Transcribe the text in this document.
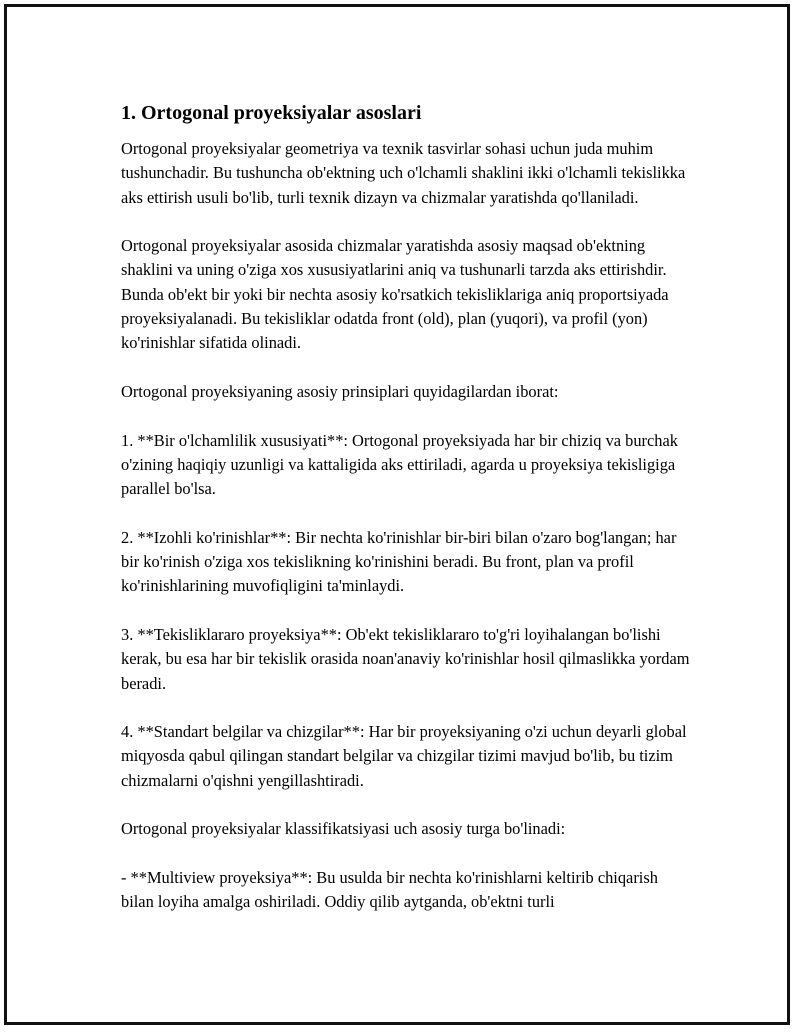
1. Ortogonal proyeksiyalar asoslari

Ortogonal proyeksiyalar geometriya va texnik tasvirlar sohasi uchun juda muhim tushunchadir. Bu tushuncha ob'ektning uch o'lchamli shaklini ikki o'lchamli tekislikka aks ettirish usuli bo'lib, turli texnik dizayn va chizmalar yaratishda qo'llaniladi.

Ortogonal proyeksiyalar asosida chizmalar yaratishda asosiy maqsad ob'ektning shaklini va uning o'ziga xos xususiyatlarini aniq va tushunarli tarzda aks ettirishdir. Bunda ob'ekt bir yoki bir nechta asosiy ko'rsatkich tekisliklariga aniq proportsiyada proyeksiyalanadi. Bu tekisliklar odatda front (old), plan (yuqori), va profil (yon) ko'rinishlar sifatida olinadi.

Ortogonal proyeksiyaning asosiy prinsiplari quyidagilardan iborat:

1. **Bir o'lchamlilik xususiyati**: Ortogonal proyeksiyada har bir chiziq va burchak o'zining haqiqiy uzunligi va kattaligida aks ettiriladi, agarda u proyeksiya tekisligiga parallel bo'lsa.

2. **Izohli ko'rinishlar**: Bir nechta ko'rinishlar bir-biri bilan o'zaro bog'langan; har bir ko'rinish o'ziga xos tekislikning ko'rinishini beradi. Bu front, plan va profil ko'rinishlarining muvofiqligini ta'minlaydi.

3. **Tekisliklararo proyeksiya**: Ob'ekt tekisliklararo to'g'ri loyihalangan bo'lishi kerak, bu esa har bir tekislik orasida noan'anaviy ko'rinishlar hosil qilmaslikka yordam beradi.

4. **Standart belgilar va chizgilar**: Har bir proyeksiyaning o'zi uchun deyarli global miqyosda qabul qilingan standart belgilar va chizgilar tizimi mavjud bo'lib, bu tizim chizmalarni o'qishni yengillashtiradi.

Ortogonal proyeksiyalar klassifikatsiyasi uch asosiy turga bo'linadi:

- **Multiview proyeksiya**: Bu usulda bir nechta ko'rinishlarni keltirib chiqarish bilan loyiha amalga oshiriladi. Oddiy qilib aytganda, ob'ektni turli
